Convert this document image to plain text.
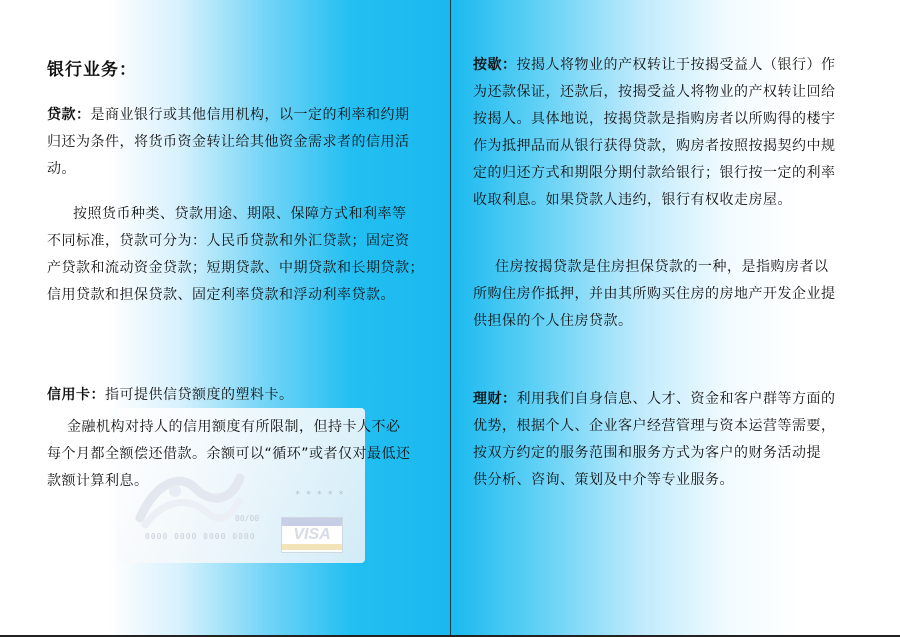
* * * * *
00/00
0000 0000 0000 0000	VISA
银行业务：

贷款：是商业银行或其他信用机构，以一定的利率和约期
归还为条件，将货币资金转让给其他资金需求者的信用活
动。

按照货币种类、贷款用途、期限、保障方式和利率等
不同标准，贷款可分为：人民币贷款和外汇贷款；固定资
产贷款和流动资金贷款；短期贷款、中期贷款和长期贷款；
信用贷款和担保贷款、固定利率贷款和浮动利率贷款。

信用卡：指可提供信贷额度的塑料卡。

金融机构对持人的信用额度有所限制，但持卡人不必
每个月都全额偿还借款。余额可以“循环”或者仅对最低还
款额计算利息。

按歇：按揭人将物业的产权转让于按揭受益人（银行）作
为还款保证，还款后，按揭受益人将物业的产权转让回给
按揭人。具体地说，按揭贷款是指购房者以所购得的楼宇
作为抵押品而从银行获得贷款，购房者按照按揭契约中规
定的归还方式和期限分期付款给银行；银行按一定的利率
收取利息。如果贷款人违约，银行有权收走房屋。

住房按揭贷款是住房担保贷款的一种，是指购房者以
所购住房作抵押，并由其所购买住房的房地产开发企业提
供担保的个人住房贷款。

理财：利用我们自身信息、人才、资金和客户群等方面的
优势，根据个人、企业客户经营管理与资本运营等需要，
按双方约定的服务范围和服务方式为客户的财务活动提
供分析、咨询、策划及中介等专业服务。
